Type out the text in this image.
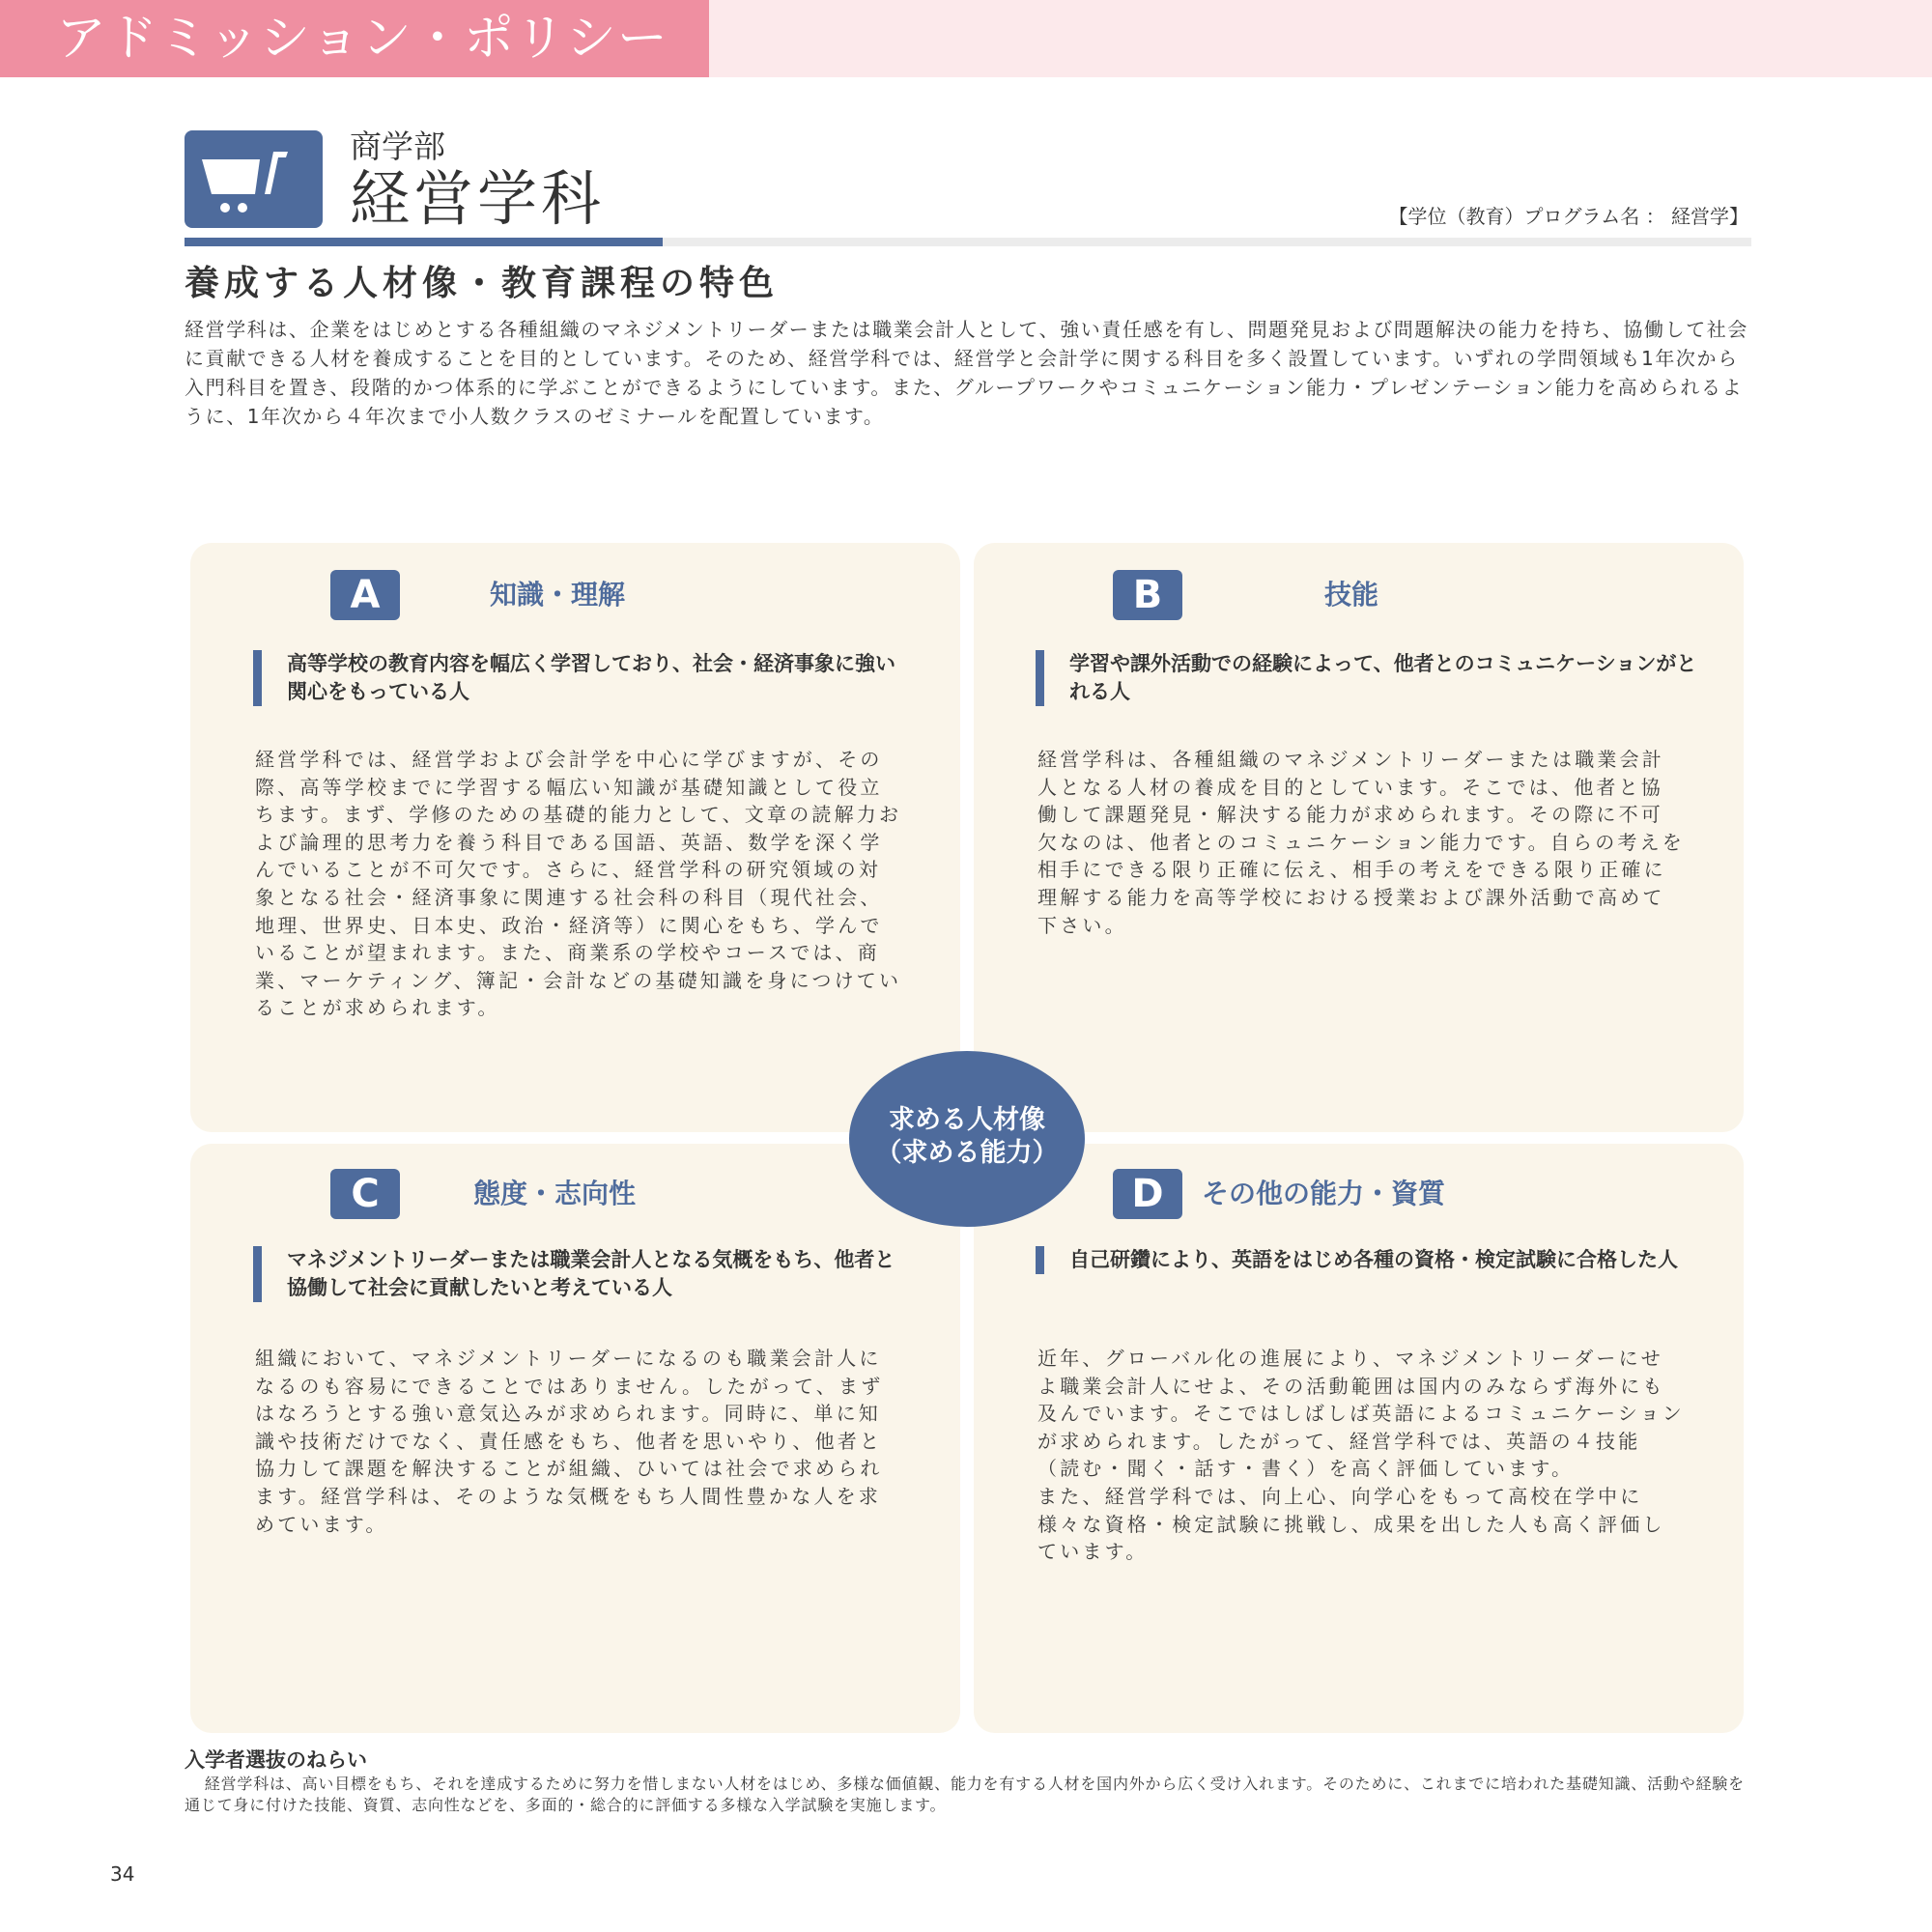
アドミッション・ポリシー
商学部
経営学科	【学位（教育）プログラム名 ： 経営学】
養成する人材像・教育課程の特色
経営学科は、企業をはじめとする各種組織のマネジメントリーダーまたは職業会計人として、強い責任感を有し、問題発見および問題解決の能力を持ち、協働して社会に貢献できる人材を養成することを目的としています。そのため、経営学科では、経営学と会計学に関する科目を多く設置しています。いずれの学問領域も1年次から入門科目を置き、段階的かつ体系的に学ぶことができるようにしています。また、グループワークやコミュニケーション能力・プレゼンテーション能力を高められるように、1年次から４年次まで小人数クラスのゼミナールを配置しています。
A	知識・理解
高等学校の教育内容を幅広く学習しており、社会・経済事象に強い関心をもっている人
経営学科では、経営学および会計学を中心に学びますが、その際、高等学校までに学習する幅広い知識が基礎知識として役立ちます。まず、学修のための基礎的能力として、文章の読解力および論理的思考力を養う科目である国語、英語、数学を深く学んでいることが不可欠です。さらに、経営学科の研究領域の対象となる社会・経済事象に関連する社会科の科目（現代社会、地理、世界史、日本史、政治・経済等）に関心をもち、学んでいることが望まれます。また、商業系の学校やコースでは、商業、マーケティング、簿記・会計などの基礎知識を身につけていることが求められます。
B	技能
学習や課外活動での経験によって、他者とのコミュニケーションがとれる人
経営学科は、各種組織のマネジメントリーダーまたは職業会計人となる人材の養成を目的としています。そこでは、他者と協働して課題発見・解決する能力が求められます。その際に不可欠なのは、他者とのコミュニケーション能力です。自らの考えを相手にできる限り正確に伝え、相手の考えをできる限り正確に理解する能力を高等学校における授業および課外活動で高めて下さい。
C	態度・志向性
マネジメントリーダーまたは職業会計人となる気概をもち、他者と協働して社会に貢献したいと考えている人
組織において、マネジメントリーダーになるのも職業会計人になるのも容易にできることではありません。したがって、まずはなろうとする強い意気込みが求められます。同時に、単に知識や技術だけでなく、責任感をもち、他者を思いやり、他者と協力して課題を解決することが組織、ひいては社会で求められます。経営学科は、そのような気概をもち人間性豊かな人を求めています。
D	その他の能力・資質
自己研鑽により、英語をはじめ各種の資格・検定試験に合格した人
近年、グローバル化の進展により、マネジメントリーダーにせよ職業会計人にせよ、その活動範囲は国内のみならず海外にも及んでいます。そこではしばしば英語によるコミュニケーションが求められます。したがって、経営学科では、英語の４技能（読む・聞く・話す・書く）を高く評価しています。
また、経営学科では、向上心、向学心をもって高校在学中に様々な資格・検定試験に挑戦し、成果を出した人も高く評価しています。
求める人材像
（求める能力）
入学者選抜のねらい
経営学科は、高い目標をもち、それを達成するために努力を惜しまない人材をはじめ、多様な価値観、能力を有する人材を国内外から広く受け入れます。そのために、これまでに培われた基礎知識、活動や経験を通じて身に付けた技能、資質、志向性などを、多面的・総合的に評価する多様な入学試験を実施します。
34
